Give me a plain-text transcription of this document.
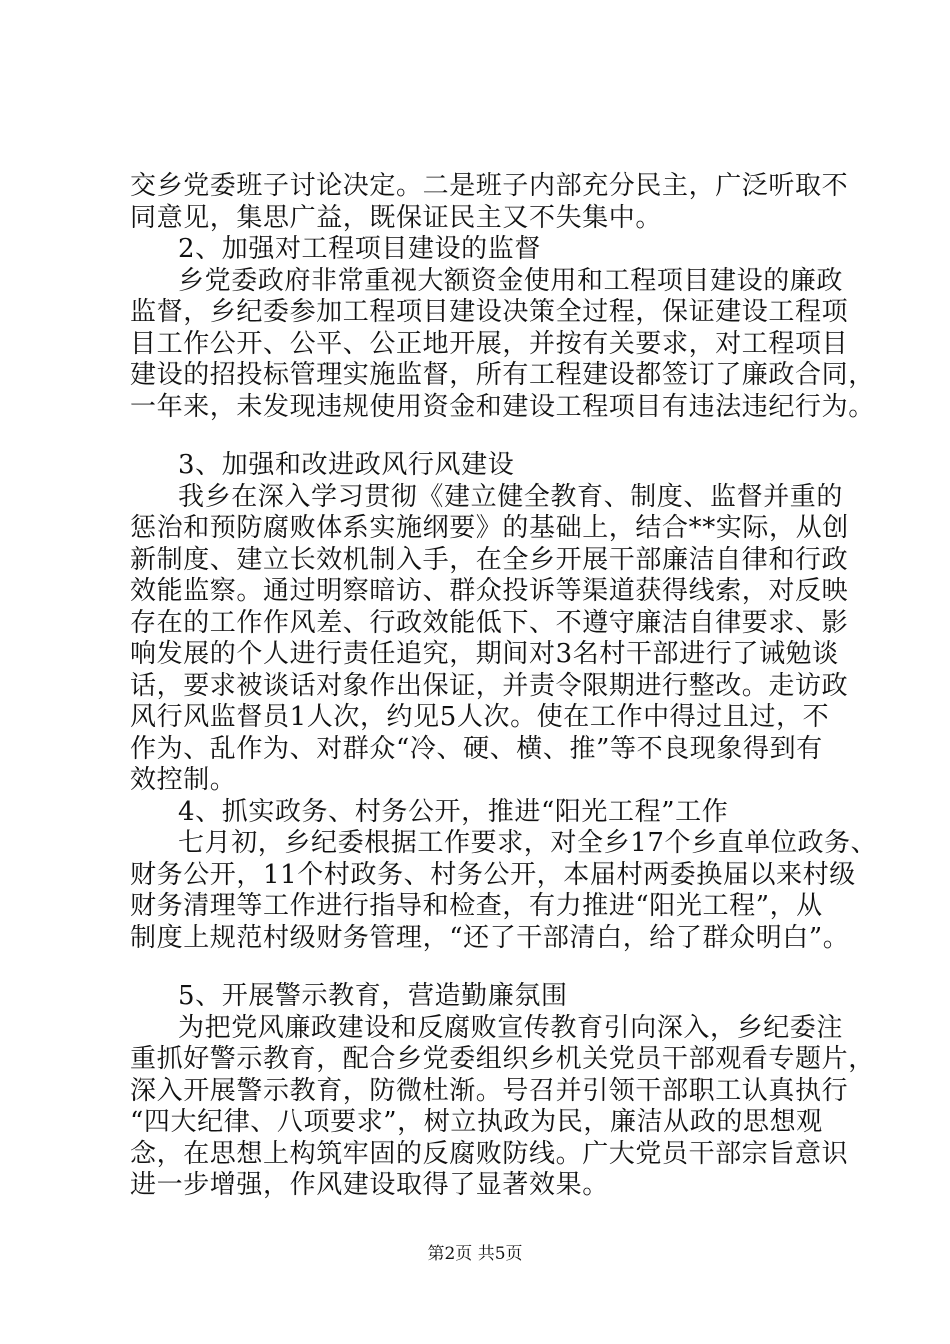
交乡党委班子讨论决定。二是班子内部充分民主，广泛听取不
同意见，集思广益，既保证民主又不失集中。
2、加强对工程项目建设的监督
乡党委政府非常重视大额资金使用和工程项目建设的廉政
监督，乡纪委参加工程项目建设决策全过程，保证建设工程项
目工作公开、公平、公正地开展，并按有关要求，对工程项目
建设的招投标管理实施监督，所有工程建设都签订了廉政合同，
一年来，未发现违规使用资金和建设工程项目有违法违纪行为。
3、加强和改进政风行风建设
我乡在深入学习贯彻《建立健全教育、制度、监督并重的
惩治和预防腐败体系实施纲要》的基础上，结合**实际，从创
新制度、建立长效机制入手，在全乡开展干部廉洁自律和行政
效能监察。通过明察暗访、群众投诉等渠道获得线索，对反映
存在的工作作风差、行政效能低下、不遵守廉洁自律要求、影
响发展的个人进行责任追究，期间对3名村干部进行了诫勉谈
话，要求被谈话对象作出保证，并责令限期进行整改。走访政
风行风监督员1人次，约见5人次。使在工作中得过且过，不
作为、乱作为、对群众“冷、硬、横、推”等不良现象得到有
效控制。
4、抓实政务、村务公开，推进“阳光工程”工作
七月初，乡纪委根据工作要求，对全乡17个乡直单位政务、
财务公开，11个村政务、村务公开，本届村两委换届以来村级
财务清理等工作进行指导和检查，有力推进“阳光工程”，从
制度上规范村级财务管理，“还了干部清白，给了群众明白”。
5、开展警示教育，营造勤廉氛围
为把党风廉政建设和反腐败宣传教育引向深入，乡纪委注
重抓好警示教育，配合乡党委组织乡机关党员干部观看专题片，
深入开展警示教育，防微杜渐。号召并引领干部职工认真执行
“四大纪律、八项要求”，树立执政为民，廉洁从政的思想观
念，在思想上构筑牢固的反腐败防线。广大党员干部宗旨意识
进一步增强，作风建设取得了显著效果。
第2页 共5页
